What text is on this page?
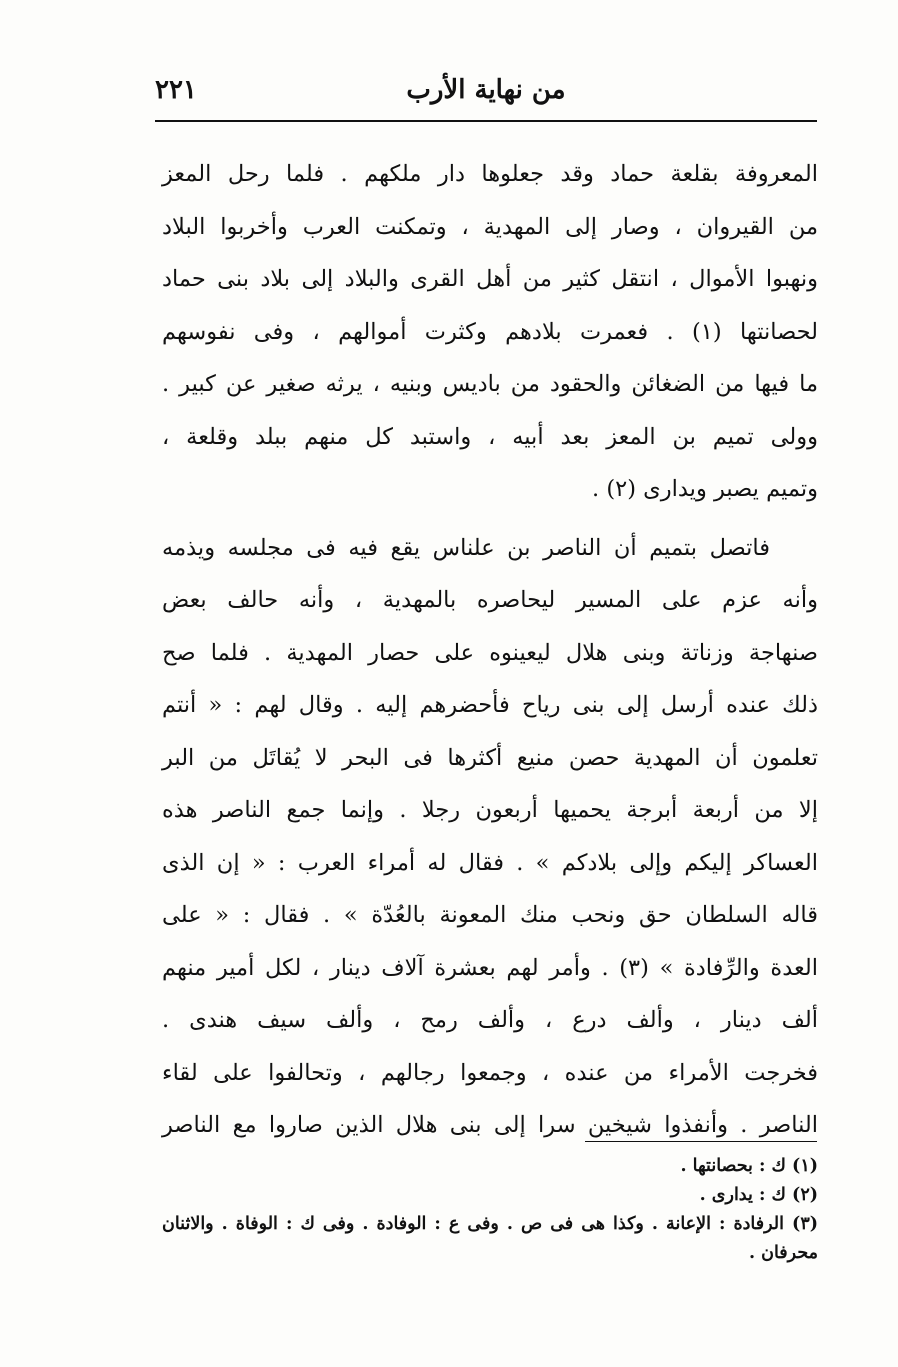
من نهاية الأرب
٢٢١
المعروفة بقلعة حماد وقد جعلوها دار ملكهم . فلما رحل المعز
من القيروان ، وصار إلى المهدية ، وتمكنت العرب وأخربوا البلاد
ونهبوا الأموال ، انتقل كثير من أهل القرى والبلاد إلى بلاد بنى حماد
لحصانتها (١) . فعمرت بلادهم وكثرت أموالهم ، وفى نفوسهم
ما فيها من الضغائن والحقود من باديس وبنيه ، يرثه صغير عن كبير .
وولى تميم بن المعز بعد أبيه ، واستبد كل منهم ببلد وقلعة ،
وتميم يصبر ويدارى (٢) .
فاتصل بتميم أن الناصر بن علناس يقع فيه فى مجلسه ويذمه
وأنه عزم على المسير ليحاصره بالمهدية ، وأنه حالف بعض
صنهاجة وزناتة وبنى هلال ليعينوه على حصار المهدية . فلما صح
ذلك عنده أرسل إلى بنى رياح فأحضرهم إليه . وقال لهم : « أنتم
تعلمون أن المهدية حصن منيع أكثرها فى البحر لا يُقاتَل من البر
إلا من أربعة أبرجة يحميها أربعون رجلا . وإنما جمع الناصر هذه
العساكر إليكم وإلى بلادكم » . فقال له أمراء العرب : « إن الذى
قاله السلطان حق ونحب منك المعونة بالعُدّة » . فقال : « على
العدة والرِّفادة » (٣) . وأمر لهم بعشرة آلاف دينار ، لكل أمير منهم
ألف دينار ، وألف درع ، وألف رمح ، وألف سيف هندى .
فخرجت الأمراء من عنده ، وجمعوا رجالهم ، وتحالفوا على لقاء
الناصر . وأنفذوا شيخين سرا إلى بنى هلال الذين صاروا مع الناصر
(١) ك : بحصانتها .
(٢) ك : يدارى .
(٣) الرفادة : الإعانة . وكذا هى فى ص . وفى ع : الوفادة . وفى ك : الوفاة . والاثنان
محرفان .
